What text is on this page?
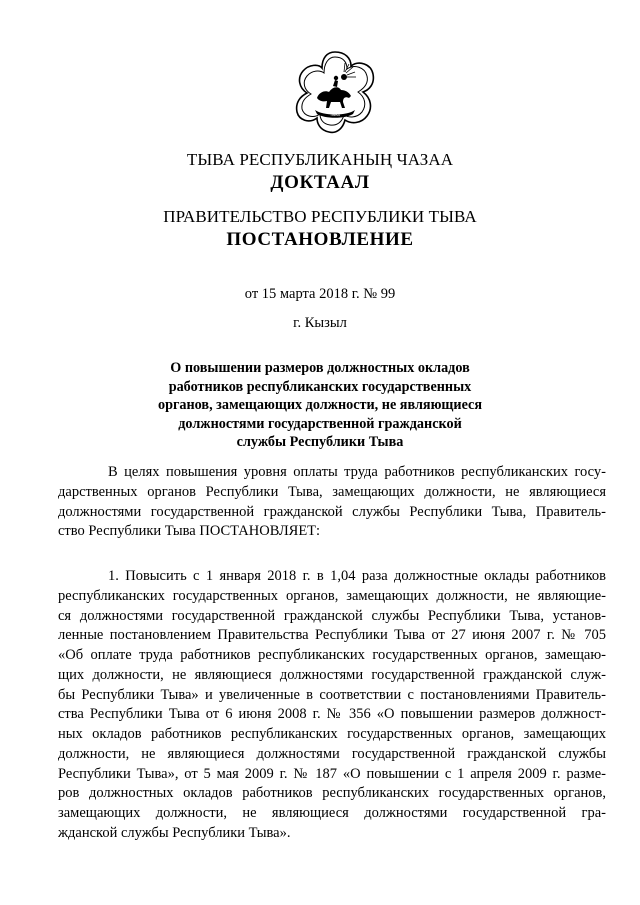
ТЫВА
ТЫВА РЕСПУБЛИКАНЫҢ ЧАЗАА
ДОКТААЛ
ПРАВИТЕЛЬСТВО РЕСПУБЛИКИ ТЫВА
ПОСТАНОВЛЕНИЕ
от 15 марта 2018 г. № 99
г. Кызыл
О повышении размеров должностных окладов
работников республиканских государственных
органов, замещающих должности, не являющиеся
должностями государственной гражданской
службы Республики Тыва
В целях повышения уровня оплаты труда работников республиканских госу-
дарственных органов Республики Тыва, замещающих должности, не являющиеся
должностями государственной гражданской службы Республики Тыва, Правитель-
ство Республики Тыва ПОСТАНОВЛЯЕТ:
1. Повысить с 1 января 2018 г. в 1,04 раза должностные оклады работников
республиканских государственных органов, замещающих должности, не являющие-
ся должностями государственной гражданской службы Республики Тыва, установ-
ленные постановлением Правительства Республики Тыва от 27 июня 2007 г. № 705
«Об оплате труда работников республиканских государственных органов, замещаю-
щих должности, не являющиеся должностями государственной гражданской служ-
бы Республики Тыва» и увеличенные в соответствии с постановлениями Правитель-
ства Республики Тыва от 6 июня 2008 г. № 356 «О повышении размеров должност-
ных окладов работников республиканских государственных органов, замещающих
должности, не являющиеся должностями государственной гражданской службы
Республики Тыва», от 5 мая 2009 г. № 187 «О повышении с 1 апреля 2009 г. разме-
ров должностных окладов работников республиканских государственных органов,
замещающих должности, не являющиеся должностями государственной гра-
жданской службы Республики Тыва».
